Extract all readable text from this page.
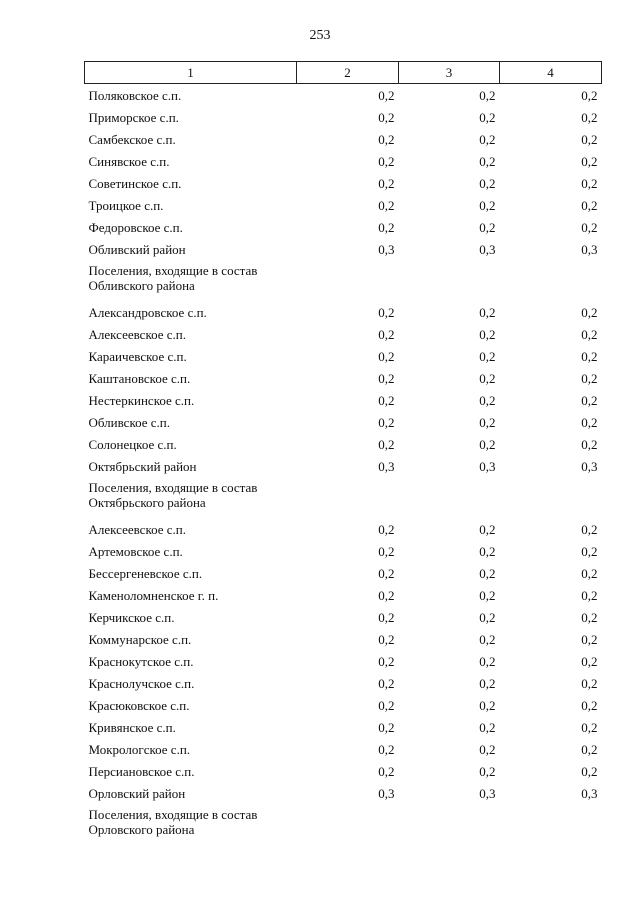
253
1	2	3	4
Поляковское с.п.	0,2	0,2	0,2
Приморское с.п.	0,2	0,2	0,2
Самбекское с.п.	0,2	0,2	0,2
Синявское с.п.	0,2	0,2	0,2
Советинское с.п.	0,2	0,2	0,2
Троицкое с.п.	0,2	0,2	0,2
Федоровское с.п.	0,2	0,2	0,2
Обливский район	0,3	0,3	0,3
Поселения, входящие в состав Обливского района			
Александровское с.п.	0,2	0,2	0,2
Алексеевское с.п.	0,2	0,2	0,2
Караичевское с.п.	0,2	0,2	0,2
Каштановское с.п.	0,2	0,2	0,2
Нестеркинское с.п.	0,2	0,2	0,2
Обливское с.п.	0,2	0,2	0,2
Солонецкое с.п.	0,2	0,2	0,2
Октябрьский район	0,3	0,3	0,3
Поселения, входящие в состав Октябрьского района			
Алексеевское с.п.	0,2	0,2	0,2
Артемовское с.п.	0,2	0,2	0,2
Бессергеневское с.п.	0,2	0,2	0,2
Каменоломненское г. п.	0,2	0,2	0,2
Керчикское с.п.	0,2	0,2	0,2
Коммунарское с.п.	0,2	0,2	0,2
Краснокутское с.п.	0,2	0,2	0,2
Краснолучское с.п.	0,2	0,2	0,2
Красюковское с.п.	0,2	0,2	0,2
Кривянское с.п.	0,2	0,2	0,2
Мокрологское с.п.	0,2	0,2	0,2
Персиановское с.п.	0,2	0,2	0,2
Орловский район	0,3	0,3	0,3
Поселения, входящие в состав Орловского района			
